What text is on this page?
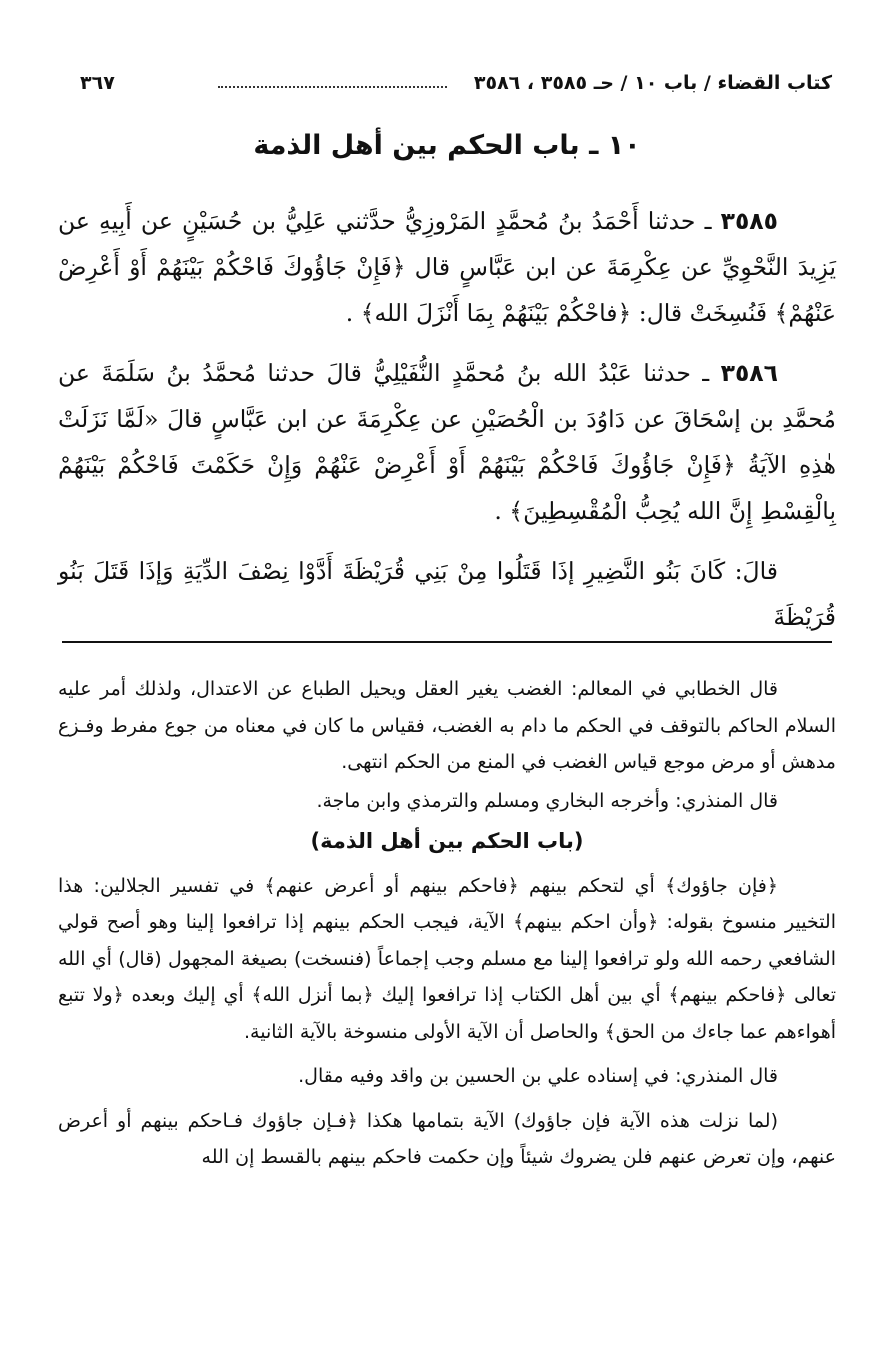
كتاب القضاء / باب ١٠ / حـ ٣٥٨٥ ، ٣٥٨٦
٣٦٧
١٠ ـ باب الحكم بين أهل الذمة

٣٥٨٥ ـ حدثنا أَحْمَدُ بنُ مُحمَّدٍ المَرْوزِيُّ حدَّثني عَلِيُّ بن حُسَيْنٍ عن أَبِيهِ عن يَزِيدَ النَّحْوِيِّ عن عِكْرِمَةَ عن ابن عَبَّاسٍ قال ﴿فَإِنْ جَاؤُوكَ فَاحْكُمْ بَيْنَهُمْ أَوْ أَعْرِضْ عَنْهُمْ﴾ فَنُسِخَتْ قال: ﴿فاحْكُمْ بَيْنَهُمْ بِمَا أَنْزَلَ الله﴾ .

٣٥٨٦ ـ حدثنا عَبْدُ الله بنُ مُحمَّدٍ النُّفَيْلِيُّ قالَ حدثنا مُحمَّدُ بنُ سَلَمَةَ عن مُحمَّدِ بن إسْحَاقَ عن دَاوُدَ بن الْحُصَيْنِ عن عِكْرِمَةَ عن ابن عَبَّاسٍ قالَ «لَمَّا نَزَلَتْ هٰذِهِ الآيَةُ ﴿فَإِنْ جَاؤُوكَ فَاحْكُمْ بَيْنَهُمْ أَوْ أَعْرِضْ عَنْهُمْ وَإِنْ حَكَمْتَ فَاحْكُمْ بَيْنَهُمْ بِالْقِسْطِ إِنَّ الله يُحِبُّ الْمُقْسِطِينَ﴾ .

قالَ: كَانَ بَنُو النَّضِيرِ إذَا قَتَلُوا مِنْ بَنِي قُرَيْظَةَ أَدَّوْا نِصْفَ الدِّيَةِ وَإذَا قَتَلَ بَنُو قُرَيْظَةَ

قال الخطابي في المعالم: الغضب يغير العقل ويحيل الطباع عن الاعتدال، ولذلك أمر عليه السلام الحاكم بالتوقف في الحكم ما دام به الغضب، فقياس ما كان في معناه من جوع مفرط وفـزع مدهش أو مرض موجع قياس الغضب في المنع من الحكم انتهى.

قال المنذري: وأخرجه البخاري ومسلم والترمذي وابن ماجة.

(باب الحكم بين أهل الذمة)

﴿فإن جاؤوك﴾ أي لتحكم بينهم ﴿فاحكم بينهم أو أعرض عنهم﴾ في تفسير الجلالين: هذا التخيير منسوخ بقوله: ﴿وأن احكم بينهم﴾ الآية، فيجب الحكم بينهم إذا ترافعوا إلينا وهو أصح قولي الشافعي رحمه الله ولو ترافعوا إلينا مع مسلم وجب إجماعاً (فنسخت) بصيغة المجهول (قال) أي الله تعالى ﴿فاحكم بينهم﴾ أي بين أهل الكتاب إذا ترافعوا إليك ﴿بما أنزل الله﴾ أي إليك وبعده ﴿ولا تتبع أهواءهم عما جاءك من الحق﴾ والحاصل أن الآية الأولى منسوخة بالآية الثانية.

قال المنذري: في إسناده علي بن الحسين بن واقد وفيه مقال.

(لما نزلت هذه الآية فإن جاؤوك) الآية بتمامها هكذا ﴿فـإن جاؤوك فـاحكم بينهم أو أعرض عنهم، وإن تعرض عنهم فلن يضروك شيئاً وإن حكمت فاحكم بينهم بالقسط إن الله
